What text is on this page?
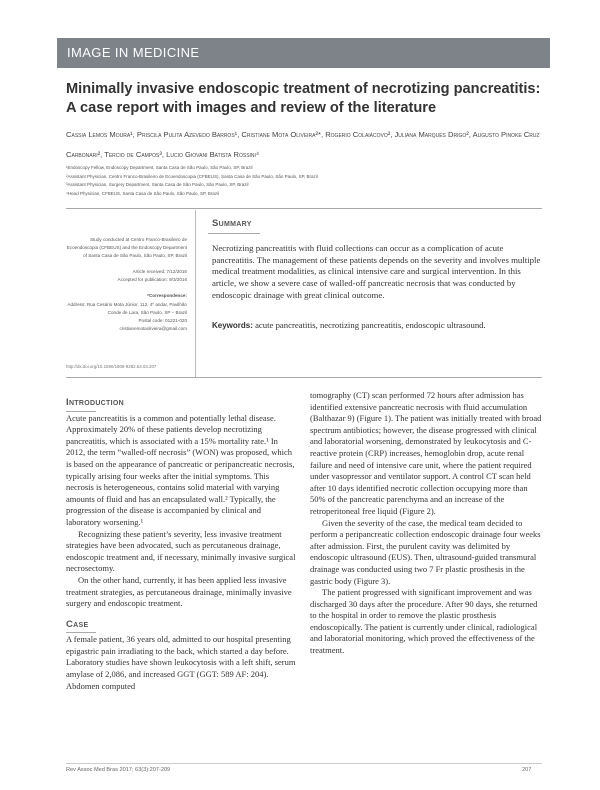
IMAGE IN MEDICINE
Minimally invasive endoscopic treatment of necrotizing pancreatitis: A case report with images and review of the literature
Cassia Lemos Moura¹, Priscila Pulita Azevedo Barros¹, Cristiane Mota Oliveira²*, Rogerio Colaiácovo², Juliana Marques Drigo², Augusto Pinoke Cruz Carbonari², Tercio de Campos³, Lucio Giovani Batista Rossini⁴
¹Endoscopy Fellow, Endoscopy Department, Santa Casa de São Paulo, São Paulo, SP, Brazil
²Assistant Physician, Centro Franco-Brasileiro de Ecoendoscopia (CFBEUS), Santa Casa de São Paulo, São Paulo, SP, Brazil
³Assistant Physician, Surgery Department, Santa Casa de São Paulo, São Paulo, SP, Brazil
⁴Head Physician, CFBEUS, Santa Casa de São Paulo, São Paulo, SP, Brazil
Study conducted at Centro Franco-Brasileiro de Ecoendoscopia (CFBEUS) and the Endoscopy Department of Santa Casa de São Paulo, São Paulo, SP, Brazil
Article received: 7/12/2016
Accepted for publication: 9/3/2016
*Correspondence:
Address: Rua Cesário Mota Júnior, 112, 4º andar, Pavilhão Conde de Lara, São Paulo, SP – Brazil
Postal code: 01221-020
cristianemotaoliveira@gmail.com
http://dx.doi.org/10.1590/1806-9282.63.03.207
Summary
Necrotizing pancreatitis with fluid collections can occur as a complication of acute pancreatitis. The management of these patients depends on the severity and involves multiple medical treatment modalities, as clinical intensive care and surgical intervention. In this article, we show a severe case of walled-off pancreatic necrosis that was conducted by endoscopic drainage with great clinical outcome.
Keywords: acute pancreatitis, necrotizing pancreatitis, endoscopic ultrasound.
Introduction

Acute pancreatitis is a common and potentially lethal disease. Approximately 20% of these patients develop necrotizing pancreatitis, which is associated with a 15% mortality rate.¹ In 2012, the term “walled-off necrosis” (WON) was proposed, which is based on the appearance of pancreatic or peripancreatic necrosis, typically arising four weeks after the initial symptoms. This necrosis is heterogeneous, contains solid material with varying amounts of fluid and has an encapsulated wall.² Typically, the progression of the disease is accompanied by clinical and laboratory worsening.¹

Recognizing these patient’s severity, less invasive treatment strategies have been advocated, such as percutaneous drainage, endoscopic treatment and, if necessary, minimally invasive surgical necrosectomy.

On the other hand, currently, it has been applied less invasive treatment strategies, as percutaneous drainage, minimally invasive surgery and endoscopic treatment.

Case

A female patient, 36 years old, admitted to our hospital presenting epigastric pain irradiating to the back, which started a day before. Laboratory studies have shown leukocytosis with a left shift, serum amylase of 2,086, and increased GGT (GGT: 589 AF: 204). Abdomen computed

tomography (CT) scan performed 72 hours after admission has identified extensive pancreatic necrosis with fluid accumulation (Balthazar 9) (Figure 1). The patient was initially treated with broad spectrum antibiotics; however, the disease progressed with clinical and laboratorial worsening, demonstrated by leukocytosis and C-reactive protein (CRP) increases, hemoglobin drop, acute renal failure and need of intensive care unit, where the patient required under vasopressor and ventilator support. A control CT scan held after 10 days identified necrotic collection occupying more than 50% of the pancreatic parenchyma and an increase of the retroperitoneal free liquid (Figure 2).

Given the severity of the case, the medical team decided to perform a peripancreatic collection endoscopic drainage four weeks after admission. First, the purulent cavity was delimited by endoscopic ultrasound (EUS). Then, ultrasound-guided transmural drainage was conducted using two 7 Fr plastic prosthesis in the gastric body (Figure 3).

The patient progressed with significant improvement and was discharged 30 days after the procedure. After 90 days, she returned to the hospital in order to remove the plastic prosthesis endoscopically. The patient is currently under clinical, radiological and laboratorial monitoring, which proved the effectiveness of the treatment.

Rev Assoc Med Bras 2017; 63(3):207-209	207
